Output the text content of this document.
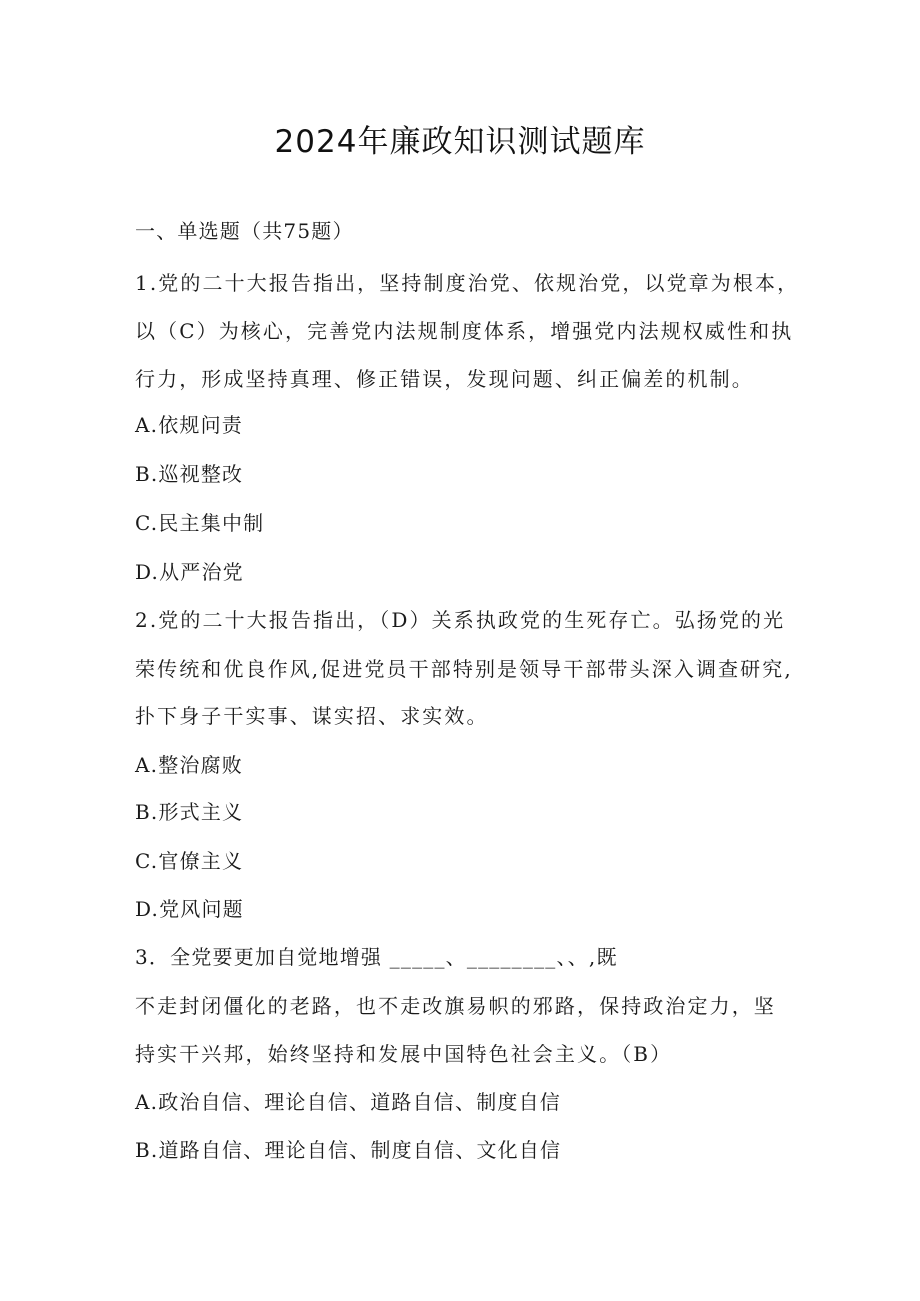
2024年廉政知识测试题库
一、单选题（共75题）
1.党的二十大报告指出，坚持制度治党、依规治党，以党章为根本，
以（C）为核心，完善党内法规制度体系，增强党内法规权威性和执
行力，形成坚持真理、修正错误，发现问题、纠正偏差的机制。
A.依规问责
B.巡视整改
C.民主集中制
D.从严治党
2.党的二十大报告指出，（D）关系执政党的生死存亡。弘扬党的光
荣传统和优良作风,促进党员干部特别是领导干部带头深入调查研究,
扑下身子干实事、谋实招、求实效。
A.整治腐败
B.形式主义
C.官僚主义
D.党风问题
3．全党要更加自觉地增强 _____、________、、,既
不走封闭僵化的老路，也不走改旗易帜的邪路，保持政治定力，坚
持实干兴邦，始终坚持和发展中国特色社会主义。（B）
A.政治自信、理论自信、道路自信、制度自信
B.道路自信、理论自信、制度自信、文化自信
